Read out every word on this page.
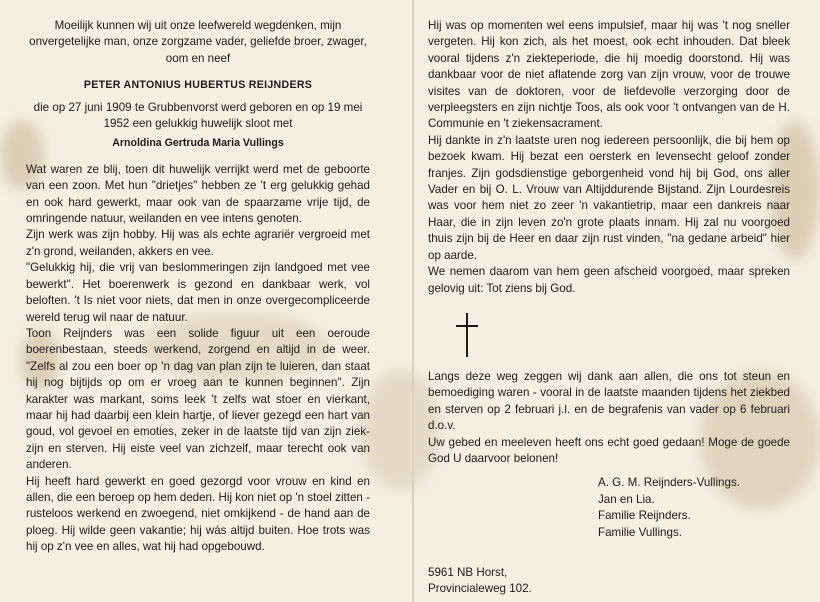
Moeilijk kunnen wij uit onze leefwereld wegdenken, mijn onvergetelijke man, onze zorgzame vader, geliefde broer, zwager, oom en neef

PETER ANTONIUS HUBERTUS REIJNDERS

die op 27 juni 1909 te Grubbenvorst werd geboren en op 19 mei 1952 een gelukkig huwelijk sloot met

Arnoldina Gertruda Maria Vullings

Wat waren ze blij, toen dit huwelijk verrijkt werd met de geboorte van een zoon. Met hun "drietjes" hebben ze 't erg gelukkig gehad en ook hard gewerkt, maar ook van de spaarzame vrije tijd, de omringende natuur, weilanden en vee intens genoten.

Zijn werk was zijn hobby. Hij was als echte agrariër vergroeid met z'n grond, weilanden, akkers en vee.

"Gelukkig hij, die vrij van beslommeringen zijn landgoed met vee bewerkt". Het boerenwerk is gezond en dankbaar werk, vol beloften. 't Is niet voor niets, dat men in onze overgecompliceerde wereld terug wil naar de natuur.

Toon Reijnders was een solide figuur uit een oeroude boerenbestaan, steeds werkend, zorgend en altijd in de weer. "Zelfs al zou een boer op 'n dag van plan zijn te luieren, dan staat hij nog bijtijds op om er vroeg aan te kunnen beginnen". Zijn karakter was markant, soms leek 't zelfs wat stoer en vierkant, maar hij had daarbij een klein hartje, of liever gezegd een hart van goud, vol gevoel en emoties, zeker in de laatste tijd van zijn ziek-zijn en sterven. Hij eiste veel van zichzelf, maar terecht ook van anderen.

Hij heeft hard gewerkt en goed gezorgd voor vrouw en kind en allen, die een beroep op hem deden. Hij kon niet op 'n stoel zitten - rusteloos werkend en zwoegend, niet omkijkend - de hand aan de ploeg. Hij wilde geen vakantie; hij wás altijd buiten. Hoe trots was hij op z'n vee en alles, wat hij had opgebouwd.

Hij was op momenten wel eens impulsief, maar hij was 't nog sneller vergeten. Hij kon zich, als het moest, ook echt inhouden. Dat bleek vooral tijdens z'n ziekteperiode, die hij moedig doorstond. Hij was dankbaar voor de niet aflatende zorg van zijn vrouw, voor de trouwe visites van de doktoren, voor de liefdevolle verzorging door de verpleegsters en zijn nichtje Toos, als ook voor 't ontvangen van de H. Communie en 't ziekensacrament.

Hij dankte in z'n laatste uren nog iedereen persoonlijk, die bij hem op bezoek kwam. Hij bezat een oersterk en levensecht geloof zonder franjes. Zijn godsdienstige geborgenheid vond hij bij God, ons aller Vader en bij O. L. Vrouw van Altijddurende Bijstand. Zijn Lourdesreis was voor hem niet zo zeer 'n vakantietrip, maar een dankreis naar Haar, die in zijn leven zo'n grote plaats innam. Hij zal nu voorgoed thuis zijn bij de Heer en daar zijn rust vinden, "na gedane arbeid" hier op aarde.

We nemen daarom van hem geen afscheid voorgoed, maar spreken gelovig uit: Tot ziens bij God.

Langs deze weg zeggen wij dank aan allen, die ons tot steun en bemoediging waren - vooral in de laatste maanden tijdens het ziekbed en sterven op 2 februari j.l. en de begrafenis van vader op 6 februari d.o.v.

Uw gebed en meeleven heeft ons echt goed gedaan! Moge de goede God U daarvoor belonen!

A. G. M. Reijnders-Vullings.
Jan en Lia.
Familie Reijnders.
Familie Vullings.
5961 NB Horst,
Provincialeweg 102.
